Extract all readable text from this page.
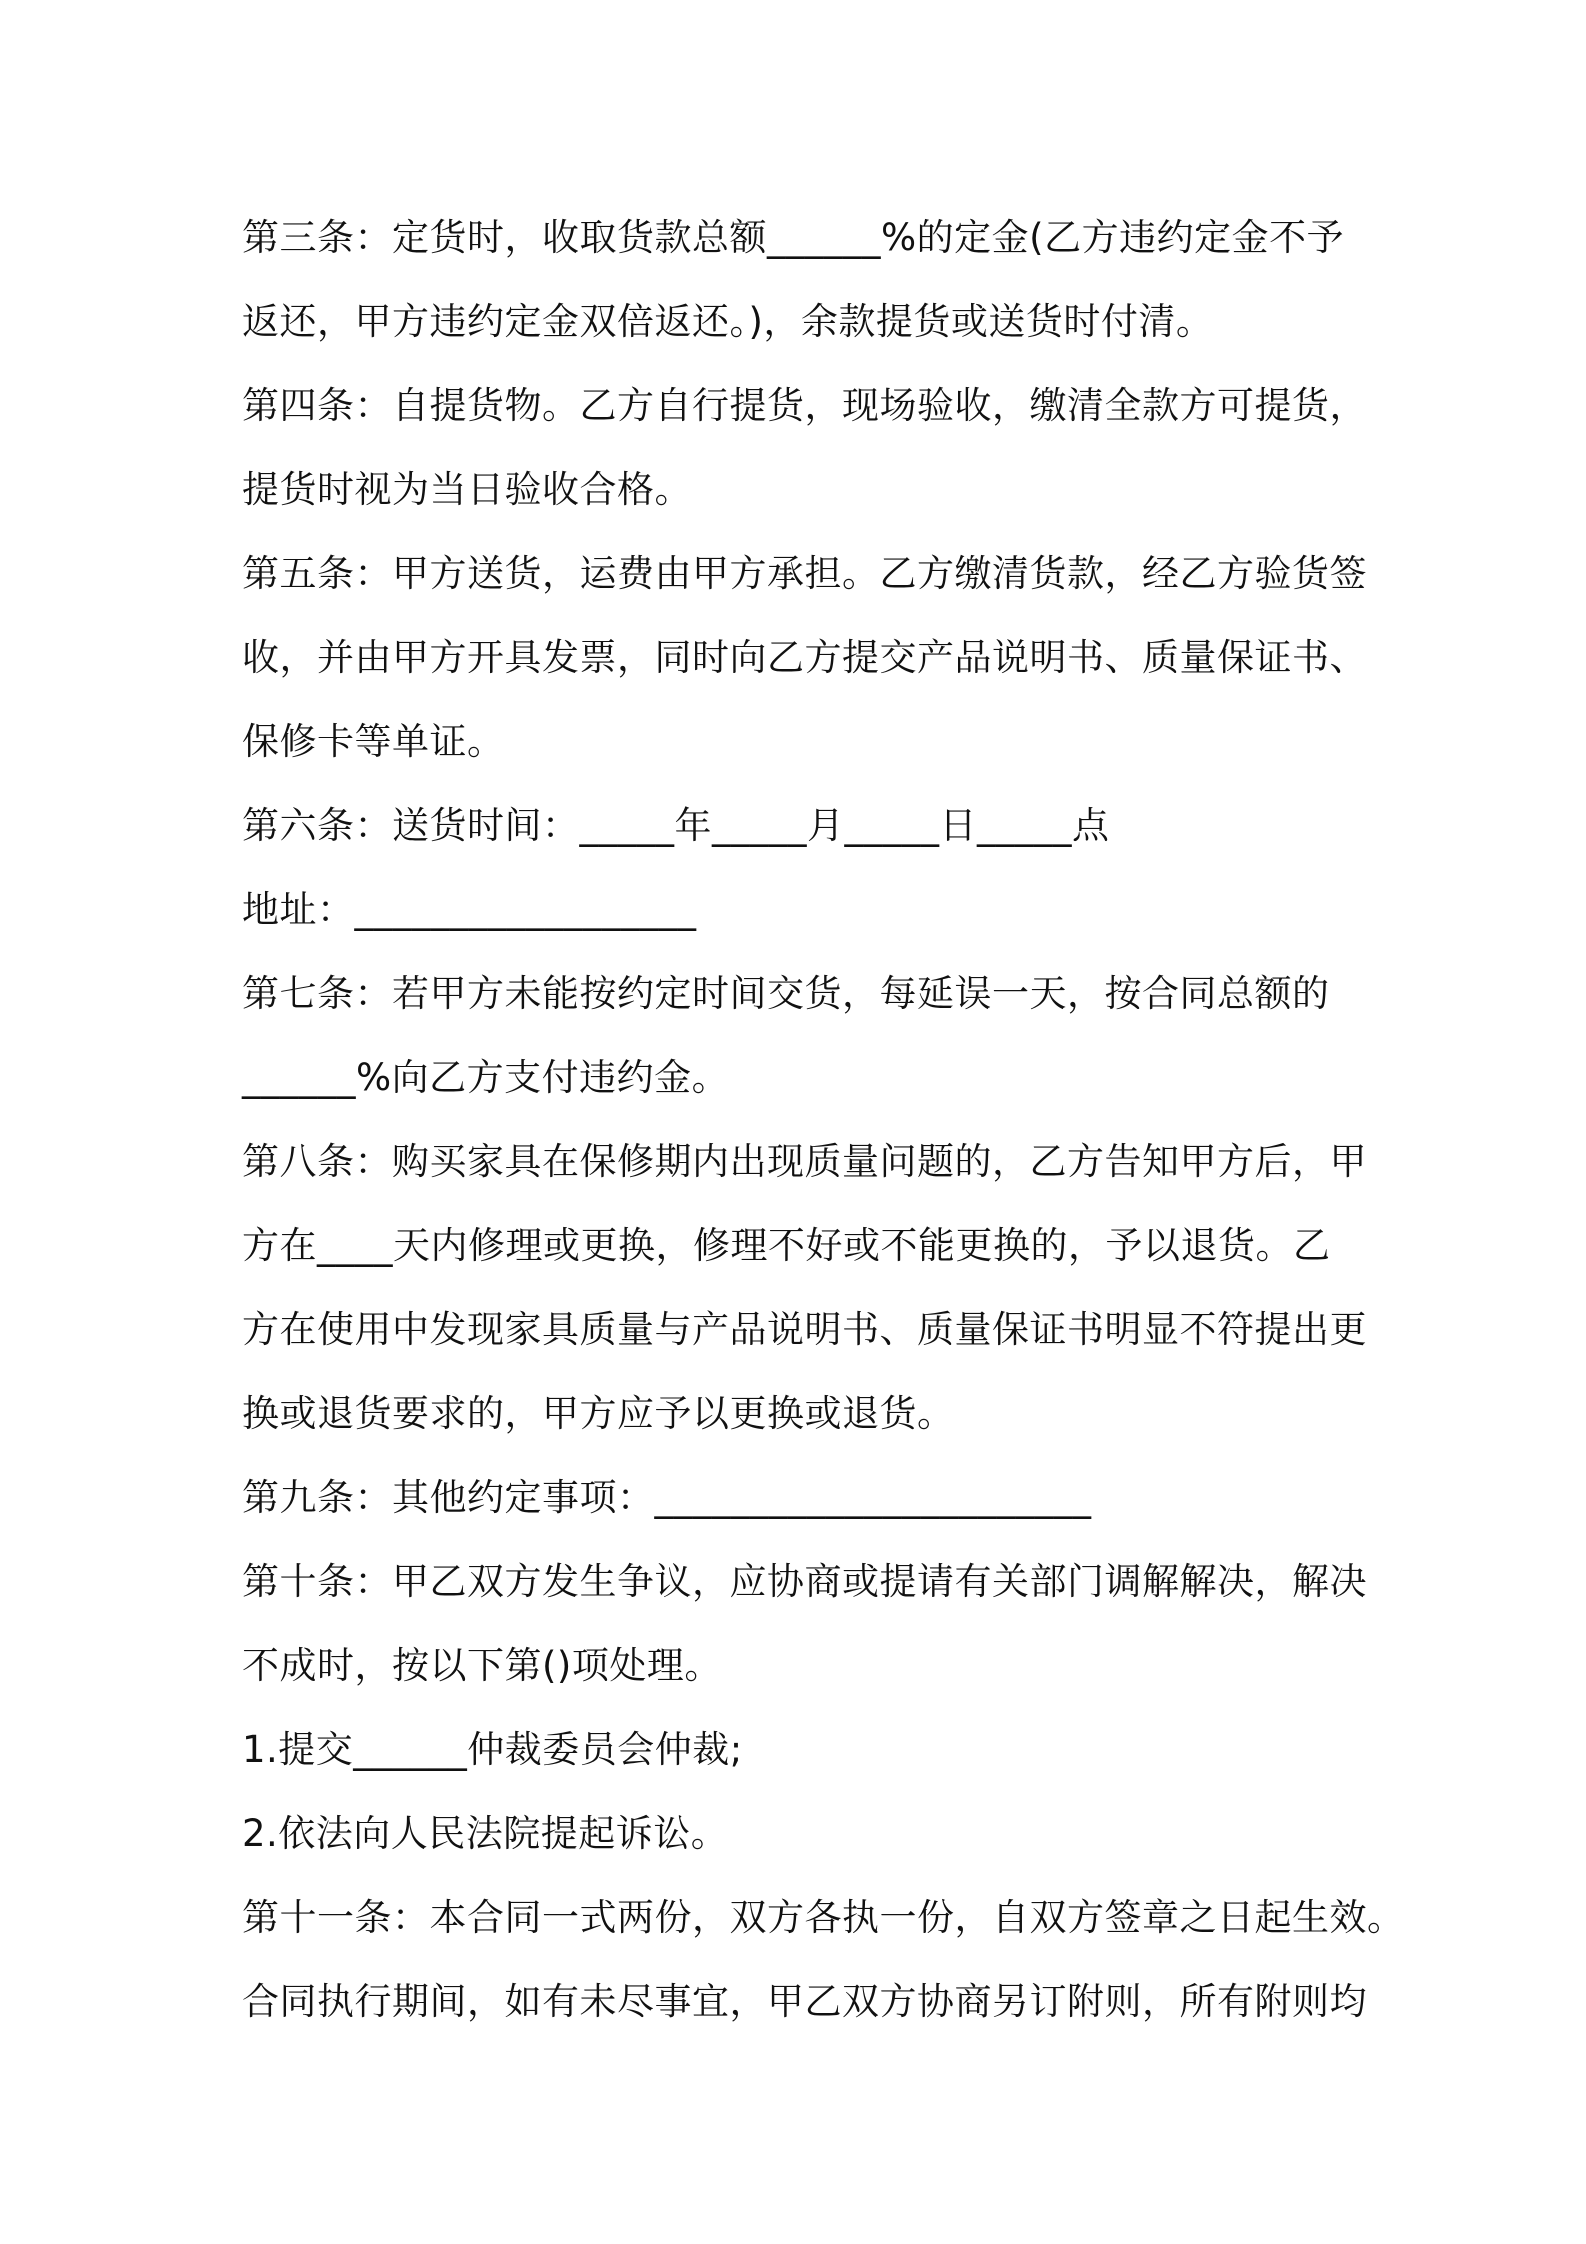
第三条：定货时，收取货款总额______%的定金(乙方违约定金不予
返还，甲方违约定金双倍返还。)，余款提货或送货时付清。
第四条：自提货物。乙方自行提货，现场验收，缴清全款方可提货，
提货时视为当日验收合格。
第五条：甲方送货，运费由甲方承担。乙方缴清货款，经乙方验货签
收，并由甲方开具发票，同时向乙方提交产品说明书、质量保证书、
保修卡等单证。
第六条：送货时间：_____年_____月_____日_____点
地址：__________________
第七条：若甲方未能按约定时间交货，每延误一天，按合同总额的
______%向乙方支付违约金。
第八条：购买家具在保修期内出现质量问题的，乙方告知甲方后，甲
方在____天内修理或更换，修理不好或不能更换的，予以退货。乙
方在使用中发现家具质量与产品说明书、质量保证书明显不符提出更
换或退货要求的，甲方应予以更换或退货。
第九条：其他约定事项：_______________________
第十条：甲乙双方发生争议，应协商或提请有关部门调解解决，解决
不成时，按以下第()项处理。
1.提交______仲裁委员会仲裁;
2.依法向人民法院提起诉讼。
第十一条：本合同一式两份，双方各执一份，自双方签章之日起生效。
合同执行期间，如有未尽事宜，甲乙双方协商另订附则，所有附则均
